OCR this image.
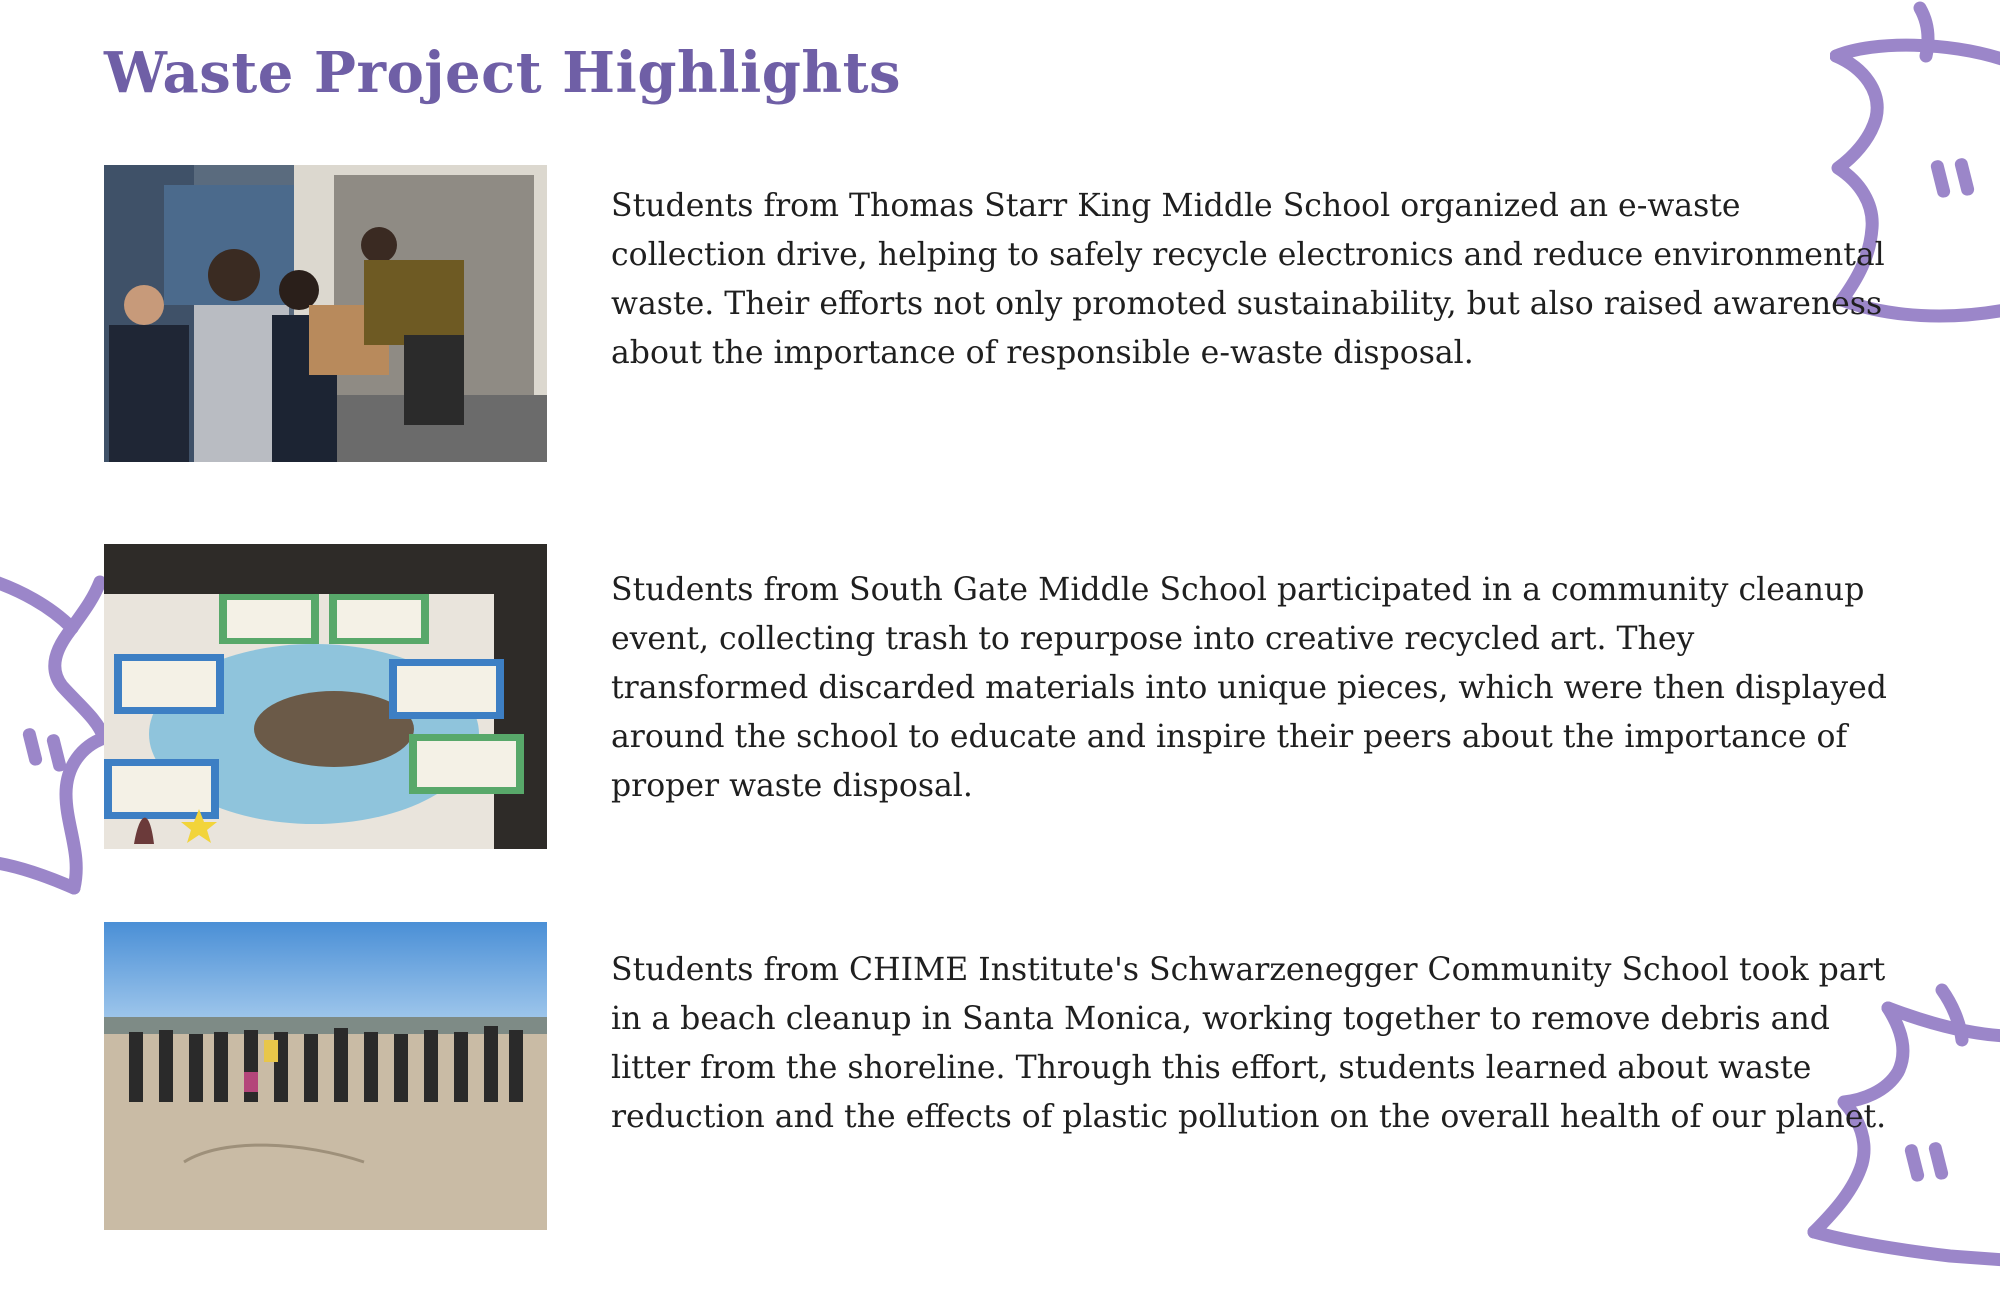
Waste Project Highlights

Students from Thomas Starr King Middle School organized an e-waste collection drive, helping to safely recycle electronics and reduce environmental waste. Their efforts not only promoted sustainability, but also raised awareness about the importance of responsible e-waste disposal.

Students from South Gate Middle School participated in a community cleanup event, collecting trash to repurpose into creative recycled art. They transformed discarded materials into unique pieces, which were then displayed around the school to educate and inspire their peers about the importance of proper waste disposal.

Students from CHIME Institute's Schwarzenegger Community School took part in a beach cleanup in Santa Monica, working together to remove debris and litter from the shoreline. Through this effort, students learned about waste reduction and the effects of plastic pollution on the overall health of our planet.
